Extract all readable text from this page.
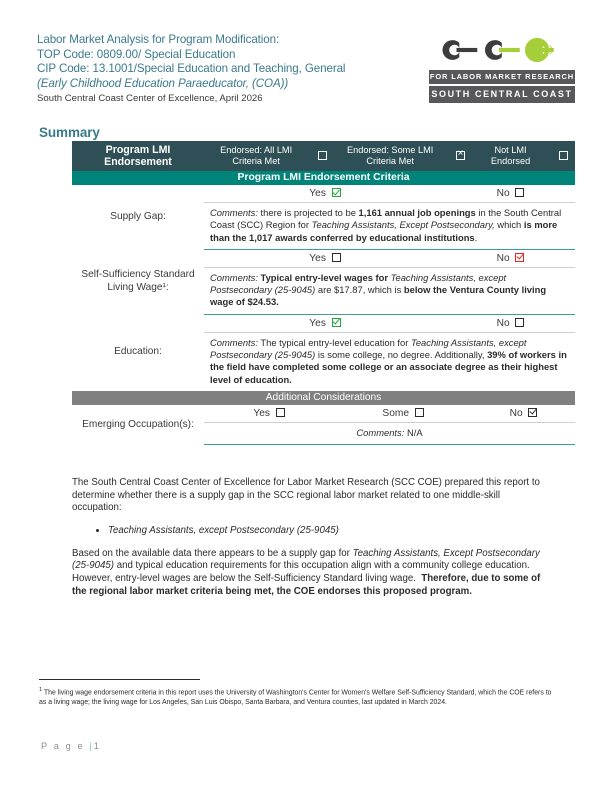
Labor Market Analysis for Program Modification:
TOP Code: 0809.00/ Special Education
CIP Code: 13.1001/Special Education and Teaching, General
(Early Childhood Education Paraeducator, (COA))
South Central Coast Center of Excellence, April 2026
FOR LABOR MARKET RESEARCH
SOUTH CENTRAL COAST
Summary
Program LMI Endorsement	Endorsed: All LMI Criteria Met		Endorsed: Some LMI Criteria Met	×	Not LMI Endorsed	
Program LMI Endorsement Criteria						
Supply Gap:	Yes			No		
	Comments: there is projected to be 1,161 annual job openings in the South Central Coast (SCC) Region for Teaching Assistants, Except Postsecondary, which is more than the 1,017 awards conferred by educational institutions.					
Self-Sufficiency Standard Living Wage¹:	Yes			No		
	Comments: Typical entry-level wages for Teaching Assistants, except Postsecondary (25-9045) are $17.87, which is below the Ventura County living wage of $24.53.					
Education:	Yes			No		
	Comments: The typical entry-level education for Teaching Assistants, except Postsecondary (25-9045) is some college, no degree. Additionally, 39% of workers in the field have completed some college or an associate degree as their highest level of education.					
Additional Considerations						
Emerging Occupation(s):	Yes		Some		No	
	Comments: N/A					

The South Central Coast Center of Excellence for Labor Market Research (SCC COE) prepared this report to determine whether there is a supply gap in the SCC regional labor market related to one middle-skill occupation:

• Teaching Assistants, except Postsecondary (25-9045)

Based on the available data there appears to be a supply gap for Teaching Assistants, Except Postsecondary (25-9045) and typical education requirements for this occupation align with a community college education. However, entry-level wages are below the Self-Sufficiency Standard living wage.  Therefore, due to some of the regional labor market criteria being met, the COE endorses this proposed program.

$^1$ The living wage endorsement criteria in this report uses the University of Washington's Center for Women's Welfare Self-Sufficiency Standard, which the COE refers to as a living wage; the living wage for Los Angeles, San Luis Obispo, Santa Barbara, and Ventura counties, last updated in March 2024.
P a g e |1
